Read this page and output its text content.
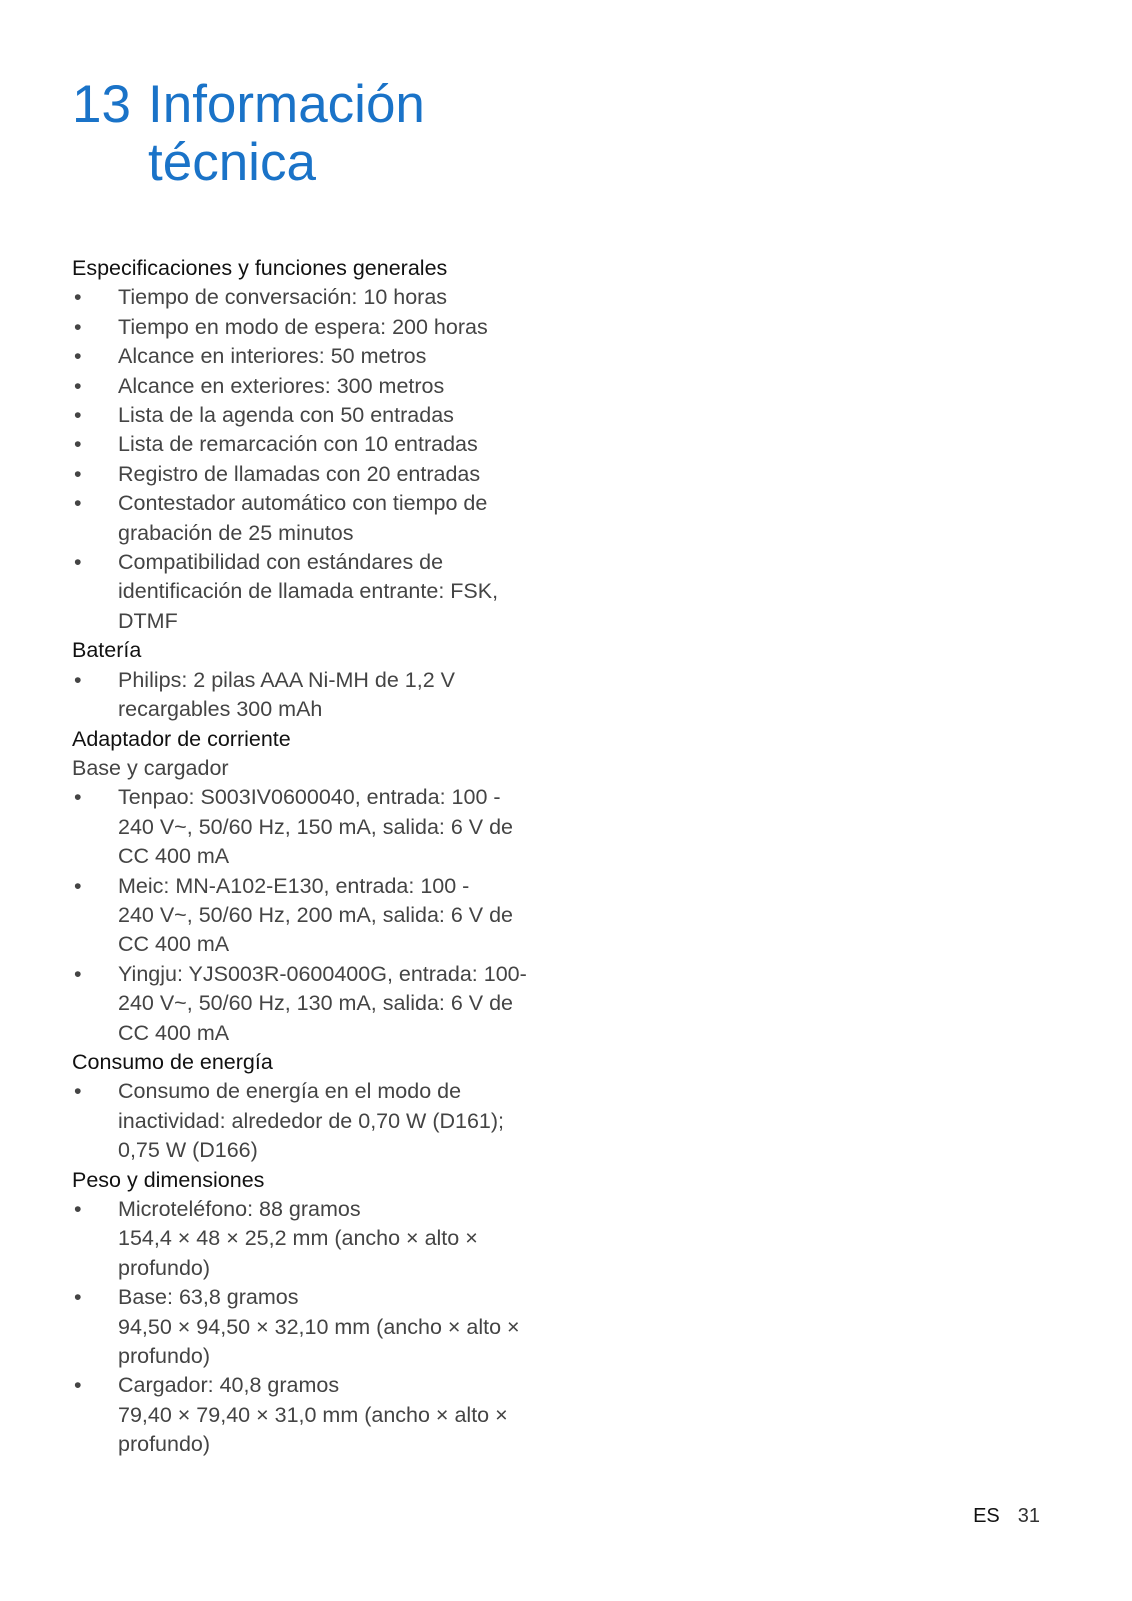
13 Información
técnica
Especificaciones y funciones generales
• Tiempo de conversación: 10 horas
• Tiempo en modo de espera: 200 horas
• Alcance en interiores: 50 metros
• Alcance en exteriores: 300 metros
• Lista de la agenda con 50 entradas
• Lista de remarcación con 10 entradas
• Registro de llamadas con 20 entradas
• Contestador automático con tiempo de
grabación de 25 minutos
• Compatibilidad con estándares de
identificación de llamada entrante: FSK,
DTMF
Batería
• Philips: 2 pilas AAA Ni-MH de 1,2 V
recargables 300 mAh
Adaptador de corriente

Base y cargador

• Tenpao: S003IV0600040, entrada: 100 -
240 V~, 50/60 Hz, 150 mA, salida: 6 V de
CC 400 mA
• Meic: MN-A102-E130, entrada: 100 -
240 V~, 50/60 Hz, 200 mA, salida: 6 V de
CC 400 mA
• Yingju: YJS003R-0600400G, entrada: 100-
240 V~, 50/60 Hz, 130 mA, salida: 6 V de
CC 400 mA
Consumo de energía
• Consumo de energía en el modo de
inactividad: alrededor de 0,70 W (D161);
0,75 W (D166)
Peso y dimensiones
• Microteléfono: 88 gramos
154,4 × 48 × 25,2 mm (ancho × alto ×
profundo)
• Base: 63,8 gramos
94,50 × 94,50 × 32,10 mm (ancho × alto ×
profundo)
• Cargador: 40,8 gramos
79,40 × 79,40 × 31,0 mm (ancho × alto ×
profundo)
ES 31
